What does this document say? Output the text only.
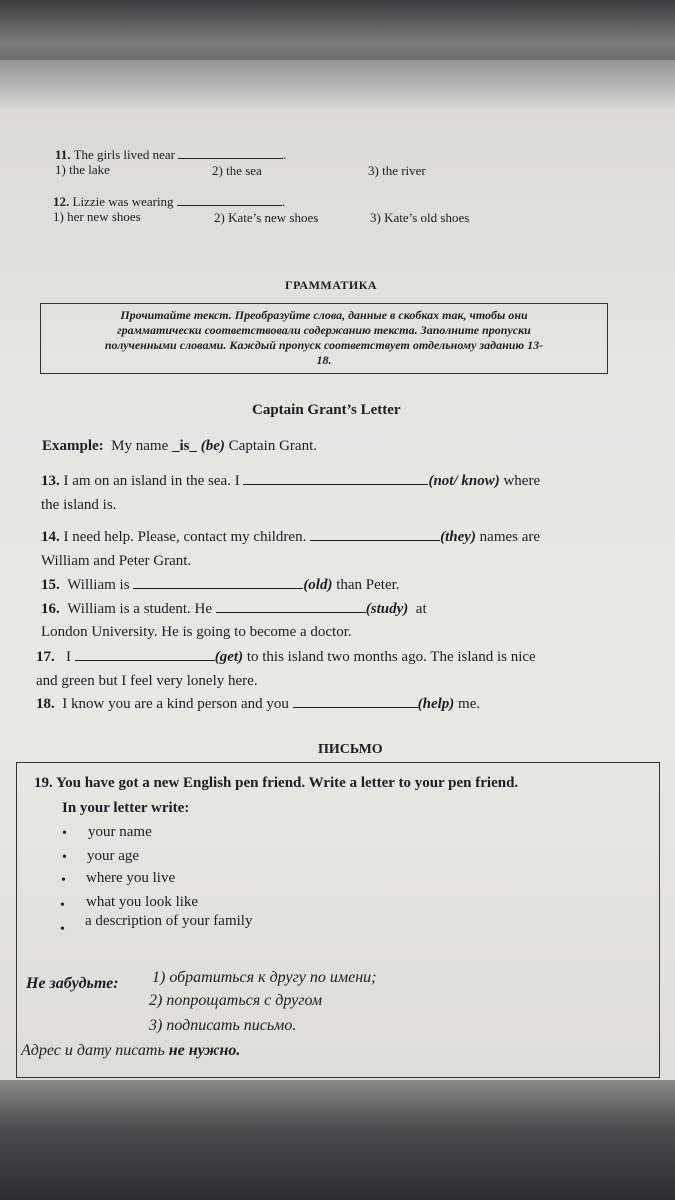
11. The girls lived near	.
1) the lake	2) the sea	3) the river
12. Lizzie was wearing	.
1) her new shoes	2) Kate’s new shoes	3) Kate’s old shoes
ГРАММАТИКА
Прочитайте текст. Преобразуйте слова, данные в скобках так, чтобы они
грамматически соответствовали содержанию текста. Заполните пропуски
полученными словами. Каждый пропуск соответствует отдельному заданию 13-
18.
Captain Grant’s Letter
Example: My name _is_ (be) Captain Grant.
13. I am on an island in the sea. I	(not/ know) where
the island is.
14. I need help. Please, contact my children.	(they) names are
William and Peter Grant.
15. William is	(old) than Peter.
16. William is a student. He	(study) at
London University. He is going to become a doctor.
17. I	(get) to this island two months ago. The island is nice
and green but I feel very lonely here.
18. I know you are a kind person and you	(help) me.
ПИСЬМО
19. You have got a new English pen friend. Write a letter to your pen friend.
In your letter write:
• your name
• your age
• where you live
• what you look like
•
a description of your family
Не забудьте: 1) обратиться к другу по имени;
2) попрощаться с другом
3) подписать письмо.
Адрес и дату писать не нужно.
